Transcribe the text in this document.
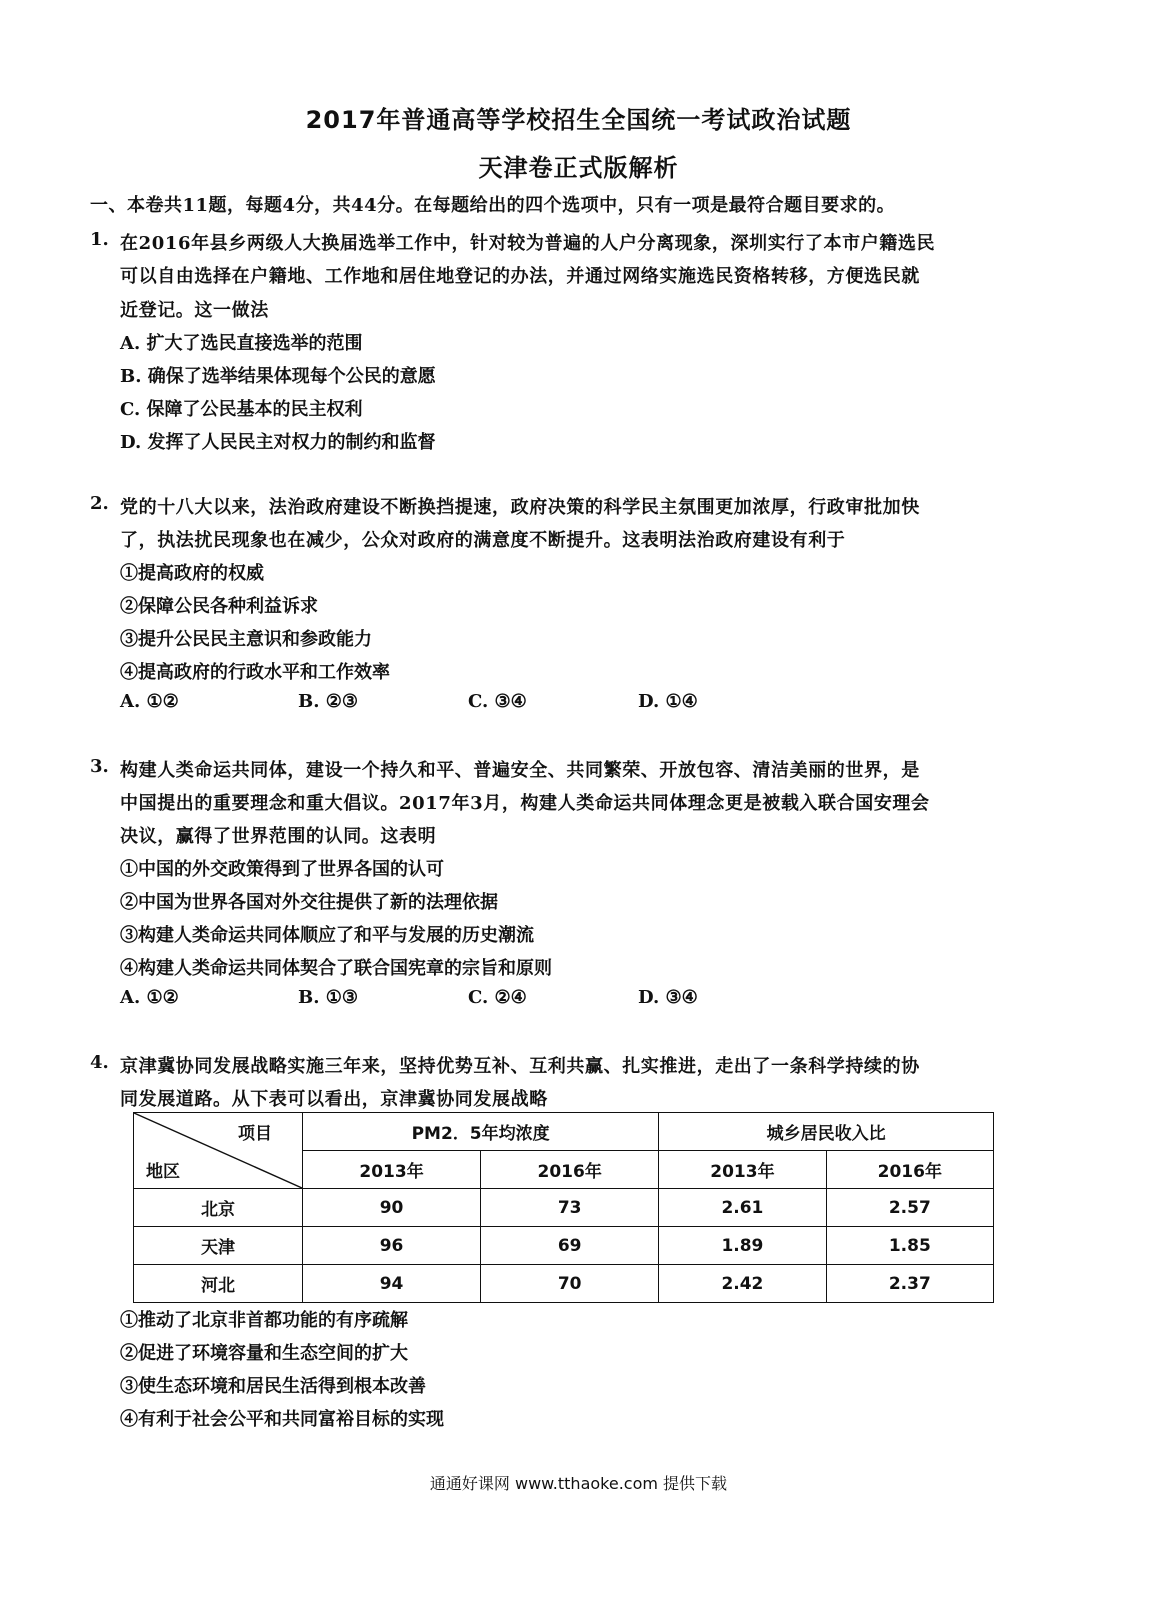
2017年普通高等学校招生全国统一考试政治试题
天津卷正式版解析
一、本卷共11题，每题4分，共44分。在每题给出的四个选项中，只有一项是最符合题目要求的。
1. 在2016年县乡两级人大换届选举工作中，针对较为普遍的人户分离现象，深圳实行了本市户籍选民
可以自由选择在户籍地、工作地和居住地登记的办法，并通过网络实施选民资格转移，方便选民就
近登记。这一做法
A. 扩大了选民直接选举的范围
B. 确保了选举结果体现每个公民的意愿
C. 保障了公民基本的民主权利
D. 发挥了人民民主对权力的制约和监督
2. 党的十八大以来，法治政府建设不断换挡提速，政府决策的科学民主氛围更加浓厚，行政审批加快
了，执法扰民现象也在减少，公众对政府的满意度不断提升。这表明法治政府建设有利于
①提高政府的权威
②保障公民各种利益诉求
③提升公民民主意识和参政能力
④提高政府的行政水平和工作效率
A. ①②	B. ②③	C. ③④	D. ①④
3. 构建人类命运共同体，建设一个持久和平、普遍安全、共同繁荣、开放包容、清洁美丽的世界，是
中国提出的重要理念和重大倡议。2017年3月，构建人类命运共同体理念更是被载入联合国安理会
决议，赢得了世界范围的认同。这表明
①中国的外交政策得到了世界各国的认可
②中国为世界各国对外交往提供了新的法理依据
③构建人类命运共同体顺应了和平与发展的历史潮流
④构建人类命运共同体契合了联合国宪章的宗旨和原则
A. ①②	B. ①③	C. ②④	D. ③④
4. 京津冀协同发展战略实施三年来，坚持优势互补、互利共赢、扎实推进，走出了一条科学持续的协
同发展道路。从下表可以看出，京津冀协同发展战略
项目
地区	PM2．5年均浓度		城乡居民收入比	
	2013年	2016年	2013年	2016年
北京	90	73	2.61	2.57
天津	96	69	1.89	1.85
河北	94	70	2.42	2.37
①推动了北京非首都功能的有序疏解
②促进了环境容量和生态空间的扩大
③使生态环境和居民生活得到根本改善
④有利于社会公平和共同富裕目标的实现
通通好课网 www.tthaoke.com 提供下载
